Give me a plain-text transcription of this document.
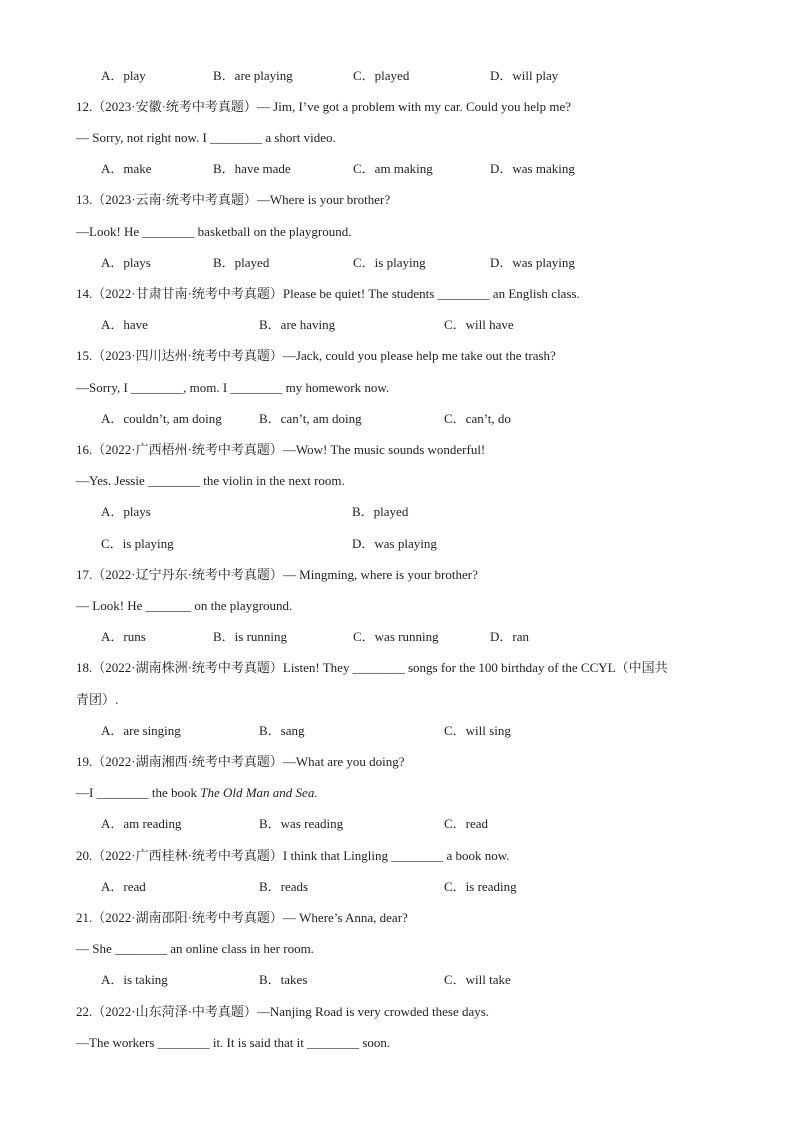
A．play	B．are playing	C．played	D．will play
12.（2023·安徽·统考中考真题）— Jim, I’ve got a problem with my car. Could you help me?
— Sorry, not right now. I ________ a short video.
A．make	B．have made	C．am making	D．was making
13.（2023·云南·统考中考真题）—Where is your brother?
—Look! He ________ basketball on the playground.
A．plays	B．played	C．is playing	D．was playing
14.（2022·甘肃甘南·统考中考真题）Please be quiet! The students ________ an English class.
A．have	B．are having	C．will have
15.（2023·四川达州·统考中考真题）—Jack, could you please help me take out the trash?
—Sorry, I ________, mom. I ________ my homework now.
A．couldn’t, am doing	B．can’t, am doing	C．can’t, do
16.（2022·广西梧州·统考中考真题）—Wow! The music sounds wonderful!
—Yes. Jessie ________ the violin in the next room.
A．plays	B．played
C．is playing	D．was playing
17.（2022·辽宁丹东·统考中考真题）— Mingming, where is your brother?
— Look! He _______ on the playground.
A．runs	B．is running	C．was running	D．ran
18.（2022·湖南株洲·统考中考真题）Listen! They ________ songs for the 100 birthday of the CCYL（中国共
青团）.
A．are singing	B．sang	C．will sing
19.（2022·湖南湘西·统考中考真题）—What are you doing?
—I ________ the book The Old Man and Sea.
A．am reading	B．was reading	C．read
20.（2022·广西桂林·统考中考真题）I think that Lingling ________ a book now.
A．read	B．reads	C．is reading
21.（2022·湖南邵阳·统考中考真题）— Where’s Anna, dear?
— She ________ an online class in her room.
A．is taking	B．takes	C．will take
22.（2022·山东菏泽·中考真题）—Nanjing Road is very crowded these days.
—The workers ________ it. It is said that it ________ soon.
